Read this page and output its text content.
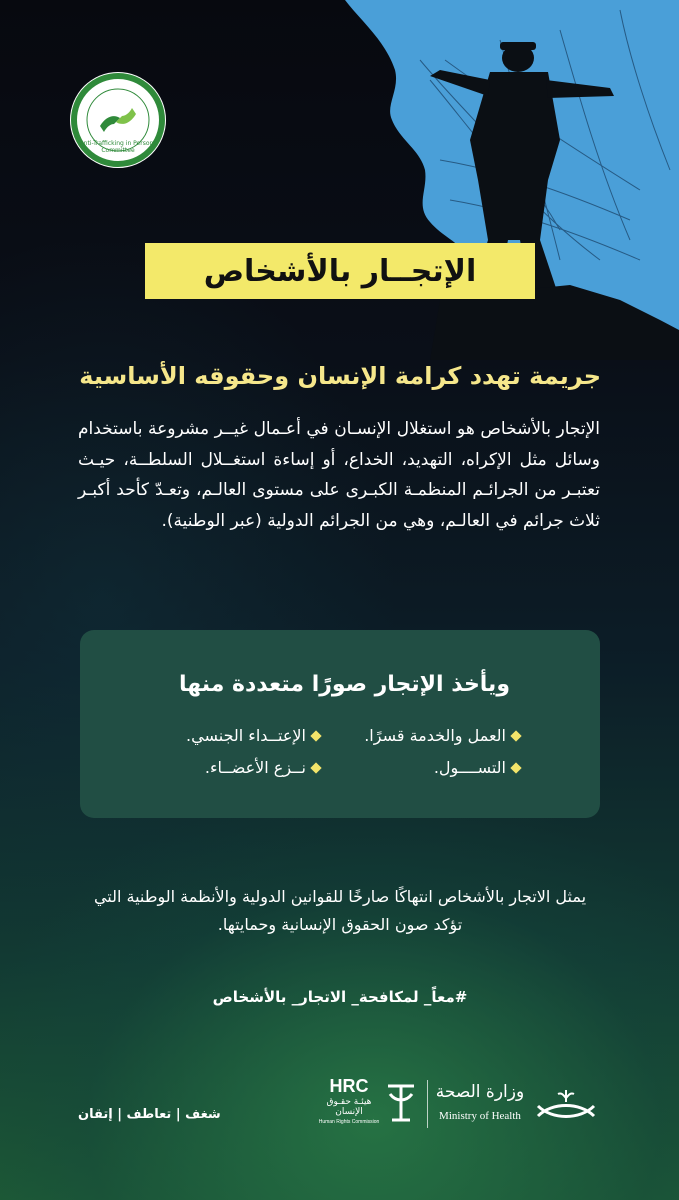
Anti-Trafficking in Persons Committee
الإتجــار بالأشخاص
جريمة تهدد كرامة الإنسان وحقوقه الأساسية
الإتجار بالأشخاص هو استغلال الإنسـان في أعـمال غيــر مشروعة باستخدام وسائل مثل الإكراه، التهديد، الخداع، أو إساءة استغــلال السلطــة، حيـث تعتبـر من الجرائـم المنظمـة الكبـرى على مستوى العالـم، وتعـدّ كأحد أكبـر ثلاث جرائم في العالـم، وهي من الجرائم الدولية (عبر الوطنية).
ويأخذ الإتجار صورًا متعددة منها
العمل والخدمة قسرًا.
الإعتــداء الجنسي.
التســــول.
نــزع الأعضــاء.
يمثل الاتجار بالأشخاص انتهاكًا صارخًا للقوانين الدولية والأنظمة الوطنية التي تؤكد صون الحقوق الإنسانية وحمايتها.
#معاً_ لمكافحة_ الاتجار_ بالأشخاص
شغف | تعاطف | إتقان
HRC
هيئـة حقـوق الإنسان
Human Rights Commission
وزارة الصحة
Ministry of Health
